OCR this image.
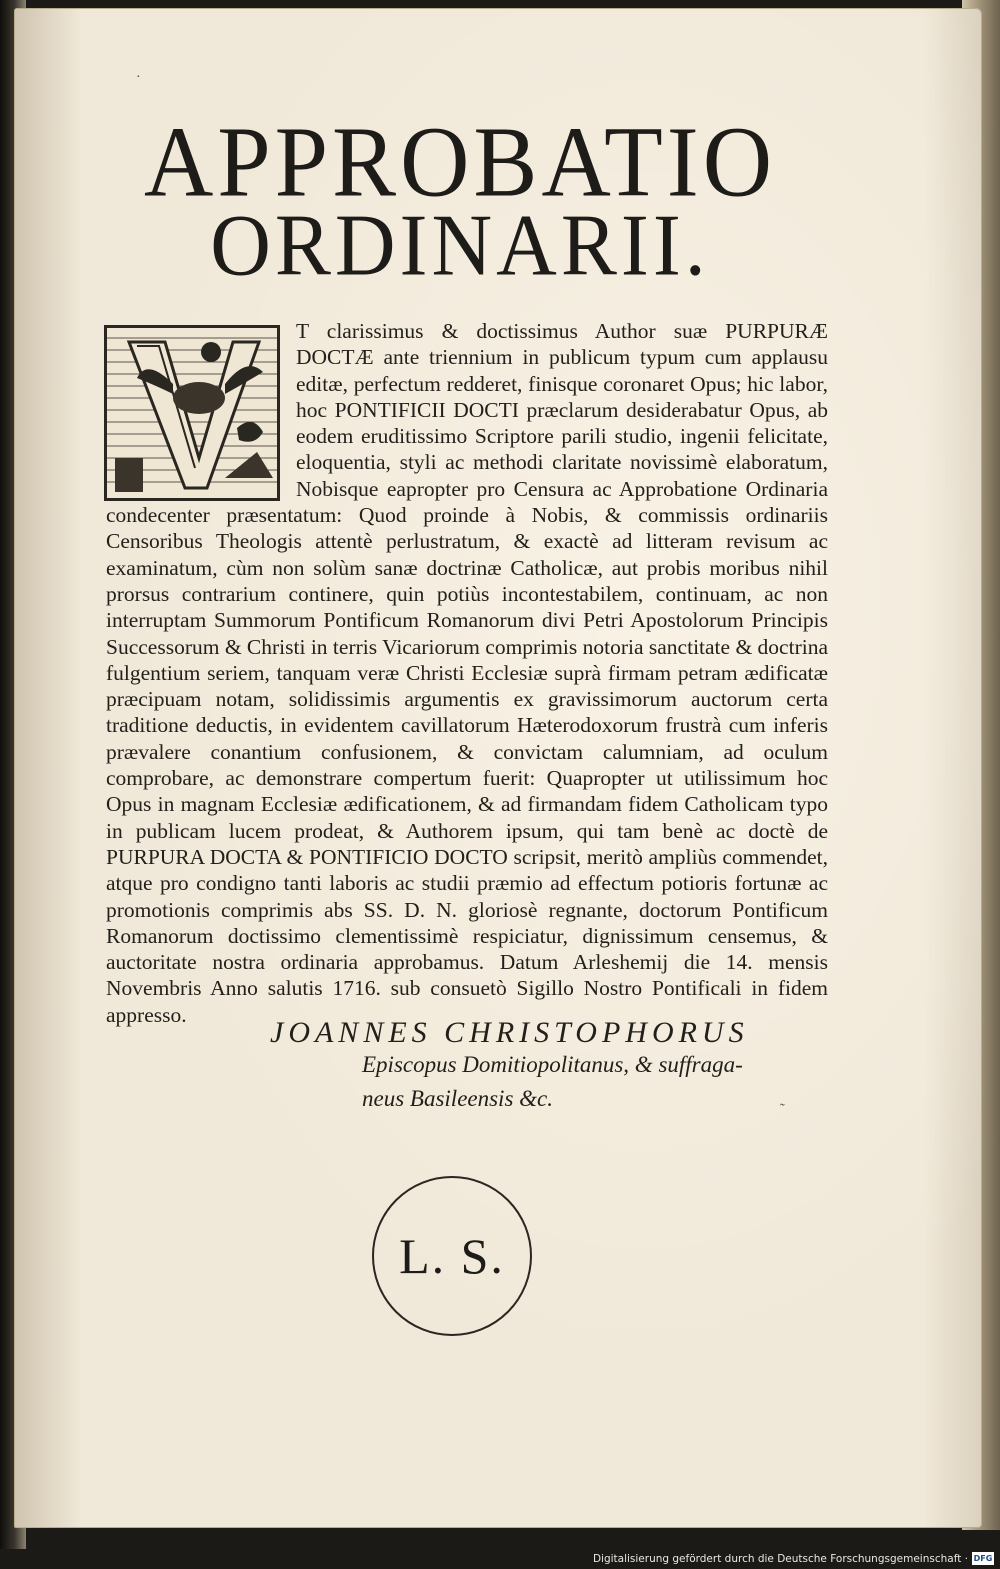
APPROBATIO
ORDINARII.
T clarissimus & doctissimus Author suæ PURPURÆ DOCTÆ ante triennium in publicum typum cum applausu editæ, perfectum redderet, finisque coronaret Opus; hic labor, hoc PONTIFICII DOCTI præclarum desiderabatur Opus, ab eodem eruditissimo Scriptore parili studio, ingenii felicitate, eloquentia, styli ac methodi claritate novissimè elaboratum, Nobisque eapropter pro Censura ac Approbatione Ordinaria condecenter præsentatum: Quod proinde à Nobis, & commissis ordinariis Censoribus Theologis attentè perlustratum, & exactè ad litteram revisum ac examinatum, cùm non solùm sanæ doctrinæ Catholicæ, aut probis moribus nihil prorsus contrarium continere, quin potiùs incontestabilem, continuam, ac non interruptam Summorum Pontificum Romanorum divi Petri Apostolorum Principis Successorum & Christi in terris Vicariorum comprimis notoria sanctitate & doctrina fulgentium seriem, tanquam veræ Christi Ecclesiæ suprà firmam petram ædificatæ præcipuam notam, solidissimis argumentis ex gravissimorum auctorum certa traditione deductis, in evidentem cavillatorum Hæterodoxorum frustrà cum inferis prævalere conantium confusionem, & convictam calumniam, ad oculum comprobare, ac demonstrare compertum fuerit: Quapropter ut utilissimum hoc Opus in magnam Ecclesiæ ædificationem, & ad firmandam fidem Catholicam typo in publicam lucem prodeat, & Authorem ipsum, qui tam benè ac doctè de PURPURA DOCTA & PONTIFICIO DOCTO scripsit, meritò ampliùs commendet, atque pro condigno tanti laboris ac studii præmio ad effectum potioris fortunæ ac promotionis comprimis abs SS. D. N. gloriosè regnante, doctorum Pontificum Romanorum doctissimo clementissimè respiciatur, dignissimum censemus, & auctoritate nostra ordinaria approbamus. Datum Arleshemij die 14. mensis Novembris Anno salutis 1716. sub consuetò Sigillo Nostro Pontificali in fidem appresso.
JOANNES CHRISTOPHORUS
Episcopus Domitiopolitanus, & suffraga-
neus Basileensis &c.
L. S.
·
˷
Digitalisierung gefördert durch die Deutsche Forschungsgemeinschaft · DFG
